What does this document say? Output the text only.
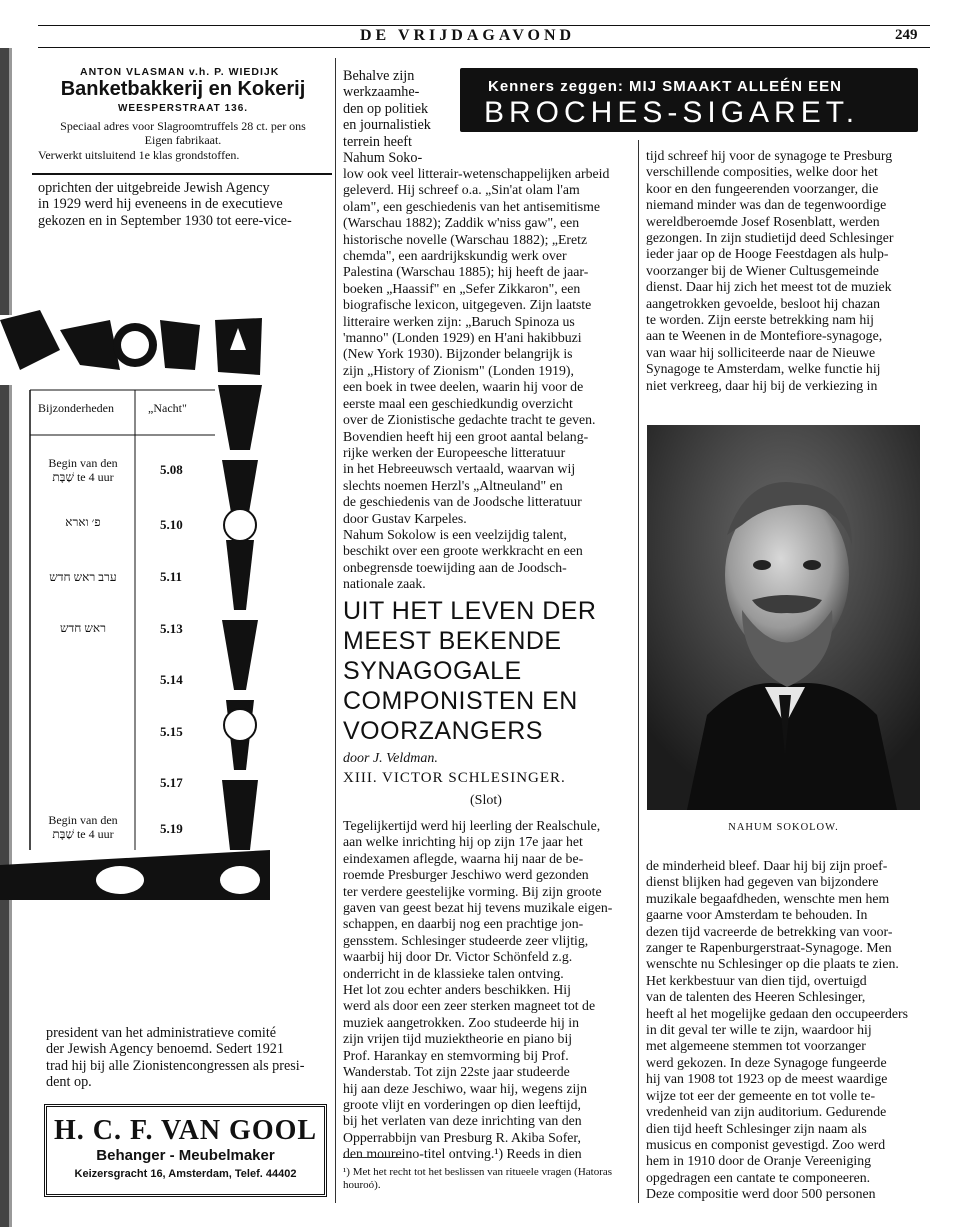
DE VRIJDAGAVOND	249
ANTON VLASMAN v.h. P. WIEDIJK
Banketbakkerij en Kokerij
WEESPERSTRAAT 136.
Speciaal adres voor Slagroomtruffels 28 ct. per ons
Eigen fabrikaat.
Verwerkt uitsluitend 1e klas grondstoffen.
oprichten der uitgebreide Jewish Agency
in 1929 werd hij eveneens in de executieve
gekozen en in September 1930 tot eere-vice-
Bijzonderheden	„Nacht"
Begin van den
שַׁבָּת te 4 uur	5.08
פ׳ וארא	5.10
ערב ראש חדש	5.11
ראש חדש	5.13
5.14
5.15
5.17
Begin van den
שַׁבָּת te 4 uur	5.19
president van het administratieve comité
der Jewish Agency benoemd. Sedert 1921
trad hij bij alle Zionistencongressen als presi-
dent op.
H. C. F. VAN GOOL
Behanger - Meubelmaker
Keizersgracht 16, Amsterdam, Telef. 44402
Kenners zeggen: MIJ SMAAKT ALLEÉN EEN
BROCHES-SIGARET.
Behalve zijn
werkzaamhe-
den op politiek
en journalistiek
terrein heeft
Nahum Soko-
low ook veel litterair-wetenschappelijken arbeid
geleverd. Hij schreef o.a. „Sin'at olam l'am
olam", een geschiedenis van het antisemitisme
(Warschau 1882); Zaddik w'niss gaw", een
historische novelle (Warschau 1882); „Eretz
chemda", een aardrijkskundig werk over
Palestina (Warschau 1885); hij heeft de jaar-
boeken „Haassif" en „Sefer Zikkaron", een
biografische lexicon, uitgegeven. Zijn laatste
litteraire werken zijn: „Baruch Spinoza us
'manno" (Londen 1929) en H'ani hakibbuzi
(New York 1930). Bijzonder belangrijk is
zijn „History of Zionism" (Londen 1919),
een boek in twee deelen, waarin hij voor de
eerste maal een geschiedkundig overzicht
over de Zionistische gedachte tracht te geven.
Bovendien heeft hij een groot aantal belang-
rijke werken der Europeesche litteratuur
in het Hebreeuwsch vertaald, waarvan wij
slechts noemen Herzl's „Altneuland" en
de geschiedenis van de Joodsche litteratuur
door Gustav Karpeles.
Nahum Sokolow is een veelzijdig talent,
beschikt over een groote werkkracht en een
onbegrensde toewijding aan de Joodsch-
nationale zaak.
UIT HET LEVEN DER
MEEST BEKENDE
SYNAGOGALE
COMPONISTEN EN
VOORZANGERS
door J. Veldman.
XIII. VICTOR SCHLESINGER.
(Slot)
Tegelijkertijd werd hij leerling der Realschule,
aan welke inrichting hij op zijn 17e jaar het
eindexamen aflegde, waarna hij naar de be-
roemde Presburger Jeschiwo werd gezonden
ter verdere geestelijke vorming. Bij zijn groote
gaven van geest bezat hij tevens muzikale eigen-
schappen, en daarbij nog een prachtige jon-
gensstem. Schlesinger studeerde zeer vlijtig,
waarbij hij door Dr. Victor Schönfeld z.g.
onderricht in de klassieke talen ontving.
Het lot zou echter anders beschikken. Hij
werd als door een zeer sterken magneet tot de
muziek aangetrokken. Zoo studeerde hij in
zijn vrijen tijd muziektheorie en piano bij
Prof. Harankay en stemvorming bij Prof.
Wanderstab. Tot zijn 22ste jaar studeerde
hij aan deze Jeschiwo, waar hij, wegens zijn
groote vlijt en vorderingen op dien leeftijd,
bij het verlaten van deze inrichting van den
Opperrabbijn van Presburg R. Akiba Sofer,
den moureino-titel ontving.¹) Reeds in dien
¹) Met het recht tot het beslissen van ritueele vragen (Hatoras houroó).
tijd schreef hij voor de synagoge te Presburg
verschillende composities, welke door het
koor en den fungeerenden voorzanger, die
niemand minder was dan de tegenwoordige
wereldberoemde Josef Rosenblatt, werden
gezongen. In zijn studietijd deed Schlesinger
ieder jaar op de Hooge Feestdagen als hulp-
voorzanger bij de Wiener Cultusgemeinde
dienst. Daar hij zich het meest tot de muziek
aangetrokken gevoelde, besloot hij chazan
te worden. Zijn eerste betrekking nam hij
aan te Weenen in de Montefiore-synagoge,
van waar hij solliciteerde naar de Nieuwe
Synagoge te Amsterdam, welke functie hij
niet verkreeg, daar hij bij de verkiezing in
NAHUM SOKOLOW.
de minderheid bleef. Daar hij bij zijn proef-
dienst blijken had gegeven van bijzondere
muzikale begaafdheden, wenschte men hem
gaarne voor Amsterdam te behouden. In
dezen tijd vacreerde de betrekking van voor-
zanger te Rapenburgerstraat-Synagoge. Men
wenschte nu Schlesinger op die plaats te zien.
Het kerkbestuur van dien tijd, overtuigd
van de talenten des Heeren Schlesinger,
heeft al het mogelijke gedaan den occupeerders
in dit geval ter wille te zijn, waardoor hij
met algemeene stemmen tot voorzanger
werd gekozen. In deze Synagoge fungeerde
hij van 1908 tot 1923 op de meest waardige
wijze tot eer der gemeente en tot volle te-
vredenheid van zijn auditorium. Gedurende
dien tijd heeft Schlesinger zijn naam als
musicus en componist gevestigd. Zoo werd
hem in 1910 door de Oranje Vereeniging
opgedragen een cantate te componeeren.
Deze compositie werd door 500 personen
